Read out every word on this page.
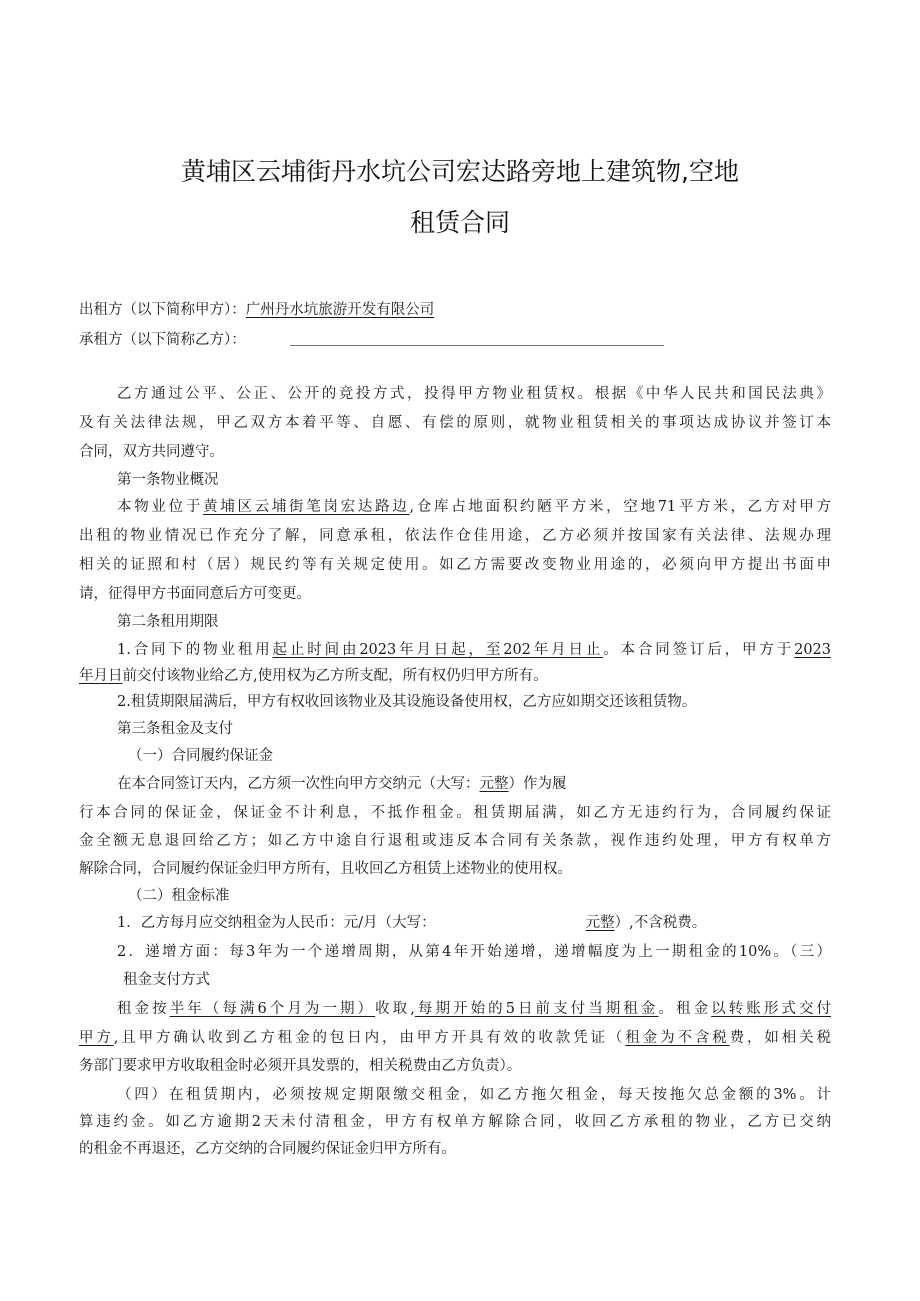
黄埔区云埔街丹水坑公司宏达路旁地上建筑物,空地
租赁合同
出租方（以下简称甲方）：广州丹水坑旅游开发有限公司
承租方（以下简称乙方）：
乙方通过公平、公正、公开的竞投方式，投得甲方物业租赁权。根据《中华人民共和国民法典》
及有关法律法规，甲乙双方本着平等、自愿、有偿的原则，就物业租赁相关的事项达成协议并签订本
合同，双方共同遵守。
第一条物业概况
本物业位于黄埔区云埔街笔岗宏达路边,仓库占地面积约陋平方米，空地71平方米，乙方对甲方
出租的物业情况已作充分了解，同意承租，依法作仓佳用途，乙方必须并按国家有关法律、法规办理
相关的证照和村（居）规民约等有关规定使用。如乙方需要改变物业用途的，必须向甲方提出书面申
请，征得甲方书面同意后方可变更。
第二条租用期限
1.合同下的物业租用起止时间由2023年月日起，至202年月日止。本合同签订后，甲方于2023
年月日前交付该物业给乙方,使用权为乙方所支配，所有权仍归甲方所有。
2.租赁期限届满后，甲方有权收回该物业及其设施设备使用权，乙方应如期交还该租赁物。
第三条租金及支付
（一）合同履约保证金
在本合同签订天内，乙方须一次性向甲方交纳元（大写：元整）作为履
行本合同的保证金，保证金不计利息，不抵作租金。租赁期届满，如乙方无违约行为，合同履约保证
金全额无息退回给乙方；如乙方中途自行退租或违反本合同有关条款，视作违约处理，甲方有权单方
解除合同，合同履约保证金归甲方所有，且收回乙方租赁上述物业的使用权。
（二）租金标准
1．乙方每月应交纳租金为人民币：元/月（大写：	元整）,不含税费。
2．递增方面：每3年为一个递增周期，从第4年开始递增，递增幅度为上一期租金的10%。（三）
租金支付方式
租金按半年（每满6个月为一期）收取,每期开始的5日前支付当期租金。租金以转账形式交付
甲方,且甲方确认收到乙方租金的包日内，由甲方开具有效的收款凭证（租金为不含税费，如相关税
务部门要求甲方收取租金时必须开具发票的，相关税费由乙方负责）。
（四）在租赁期内，必须按规定期限缴交租金，如乙方拖欠租金，每天按拖欠总金额的3%。计
算违约金。如乙方逾期2天未付清租金，甲方有权单方解除合同，收回乙方承租的物业，乙方已交纳
的租金不再退还，乙方交纳的合同履约保证金归甲方所有。
